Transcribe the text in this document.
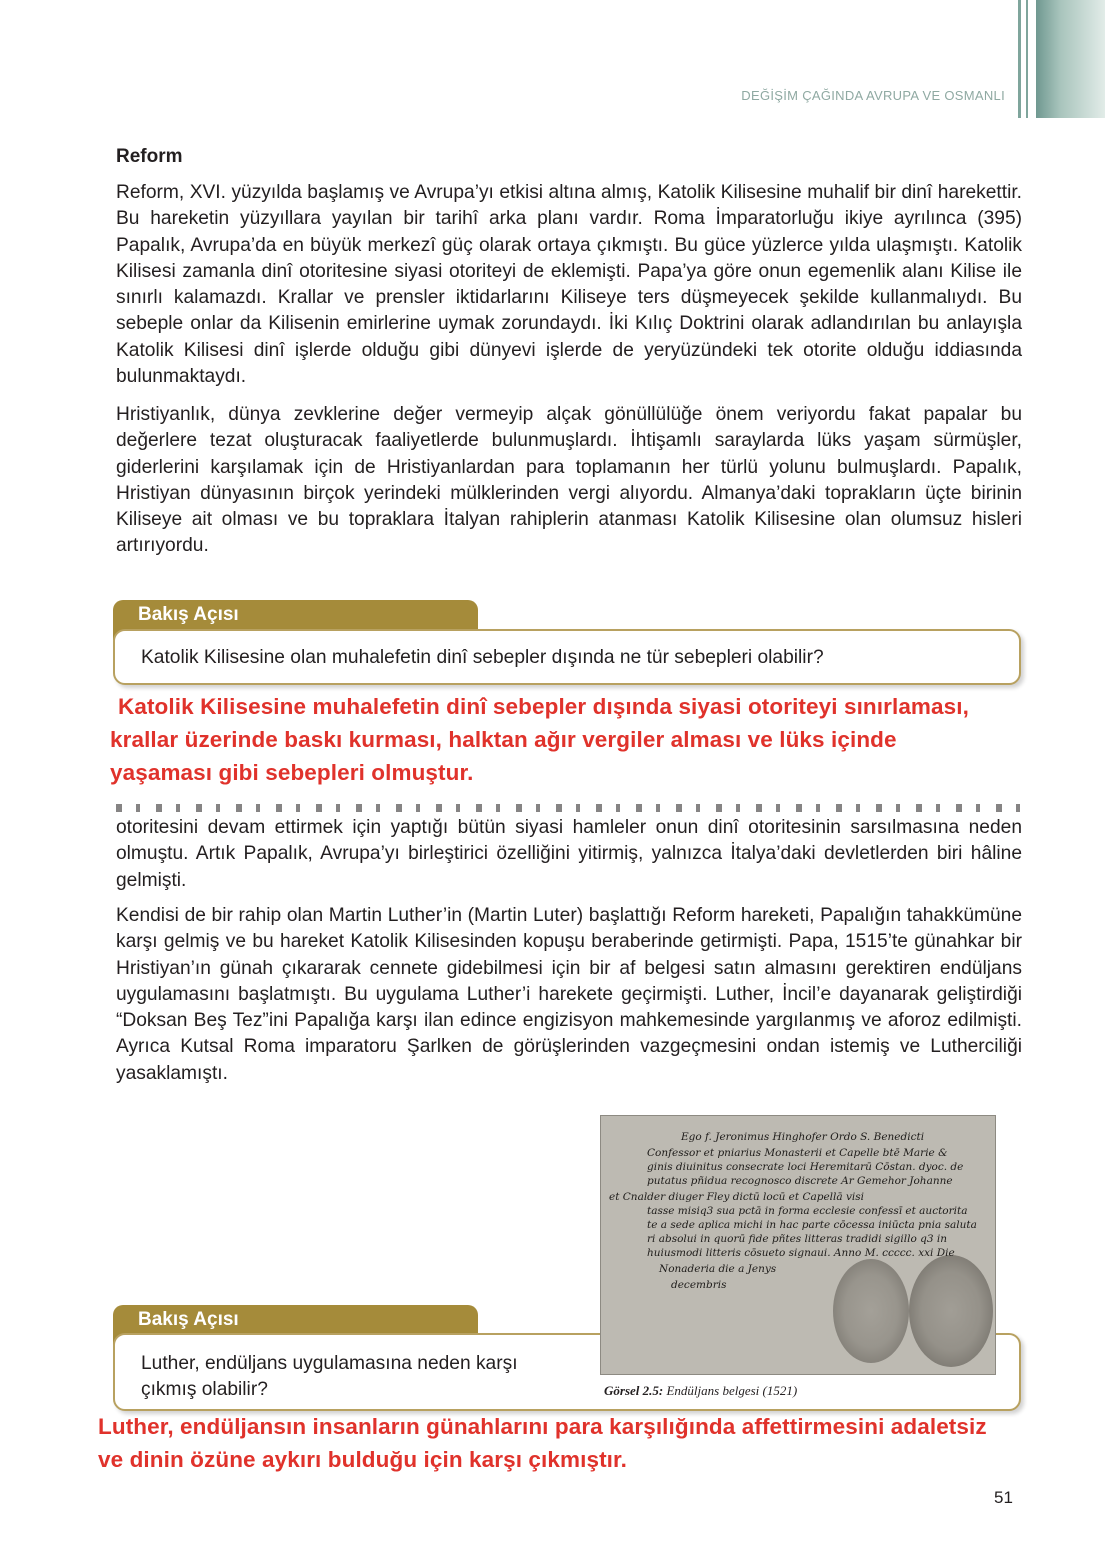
DEĞİŞİM ÇAĞINDA AVRUPA VE OSMANLI
Reform

Reform, XVI. yüzyılda başlamış ve Avrupa’yı etkisi altına almış, Katolik Kilisesine muhalif bir dinî harekettir. Bu hareketin yüzyıllara yayılan bir tarihî arka planı vardır. Roma İmparatorluğu ikiye ayrılınca (395) Papalık, Avrupa’da en büyük merkezî güç olarak ortaya çıkmıştı. Bu güce yüzlerce yılda ulaşmıştı. Katolik Kilisesi zamanla dinî otoritesine siyasi otoriteyi de eklemişti. Papa’ya göre onun egemenlik alanı Kilise ile sınırlı kalamazdı. Krallar ve prensler iktidarlarını Kiliseye ters düşmeyecek şekilde kullanmalıydı. Bu sebeple onlar da Kilisenin emirlerine uymak zorundaydı. İki Kılıç Doktrini olarak adlandırılan bu anlayışla Katolik Kilisesi dinî işlerde olduğu gibi dünyevi işlerde de yeryüzündeki tek otorite olduğu iddiasında bulunmaktaydı.

Hristiyanlık, dünya zevklerine değer vermeyip alçak gönüllülüğe önem veriyordu fakat papalar bu değerlere tezat oluşturacak faaliyetlerde bulunmuşlardı. İhtişamlı saraylarda lüks yaşam sürmüşler, giderlerini karşılamak için de Hristiyanlardan para toplamanın her türlü yolunu bulmuşlardı. Papalık, Hristiyan dünyasının birçok yerindeki mülklerinden vergi alıyordu. Almanya’daki toprakların üçte birinin Kiliseye ait olması ve bu topraklara İtalyan rahiplerin atanması Katolik Kilisesine olan olumsuz hisleri artırıyordu.

Bakış Açısı
Katolik Kilisesine olan muhalefetin dinî sebepler dışında ne tür sebepleri olabilir?

Katolik Kilisesine muhalefetin dinî sebepler dışında siyasi otoriteyi sınırlaması,

krallar üzerinde baskı kurması, halktan ağır vergiler alması ve lüks içinde

yaşaması gibi sebepleri olmuştur.

otoritesini devam ettirmek için yaptığı bütün siyasi hamleler onun dinî otoritesinin sarsılmasına neden olmuştu. Artık Papalık, Avrupa’yı birleştirici özelliğini yitirmiş, yalnızca İtalya’daki devletlerden biri hâline gelmişti.

Kendisi de bir rahip olan Martin Luther’in (Martin Luter) başlattığı Reform hareketi, Papalığın tahakkümüne karşı gelmiş ve bu hareket Katolik Kilisesinden kopuşu beraberinde getirmişti. Papa, 1515’te günahkar bir Hristiyan’ın günah çıkararak cennete gidebilmesi için bir af belgesi satın almasını gerektiren endüljans uygulamasını başlatmıştı. Bu uygulama Luther’i harekete geçirmişti. Luther, İncil’e dayanarak geliştirdiği “Doksan Beş Tez”ini Papalığa karşı ilan edince engizisyon mahkemesinde yargılanmış ve aforoz edilmişti. Ayrıca Kutsal Roma imparatoru Şarlken de görüşlerinden vazgeçmesini ondan istemiş ve Lutherciliği yasaklamıştı.

Bakış Açısı
Luther, endüljans uygulamasına neden karşı
çıkmış olabilir?
Ego f. Jeronimus Hinghofer Ordo S. Benedicti
Confessor et pniarius Monasterii et Capelle btē Marie &
ginis diuinitus consecrate loci Heremitarū Cōstan. dyoc. de
putatus pñidua recognosco discrete Ar Gemehor Johanne
et Cnalder diuger Fley dictū locū et Capellā visi
tasse misiq3 sua pctā in forma ecclesie confessī et auctorita
te a sede aplica michi in hac parte cōcessa iniūcta pnia saluta
ri absolui in quorū fide pñtes litteras tradidi sigillo q3 in
huiusmodi litteris cōsueto signaui. Anno M. ccccc. xxi Die
Nonaderia die a Jenys
decembris
Görsel 2.5: Endüljans belgesi (1521)

Luther, endüljansın insanların günahlarını para karşılığında affettirmesini adaletsiz

ve dinin özüne aykırı bulduğu için karşı çıkmıştır.

51
